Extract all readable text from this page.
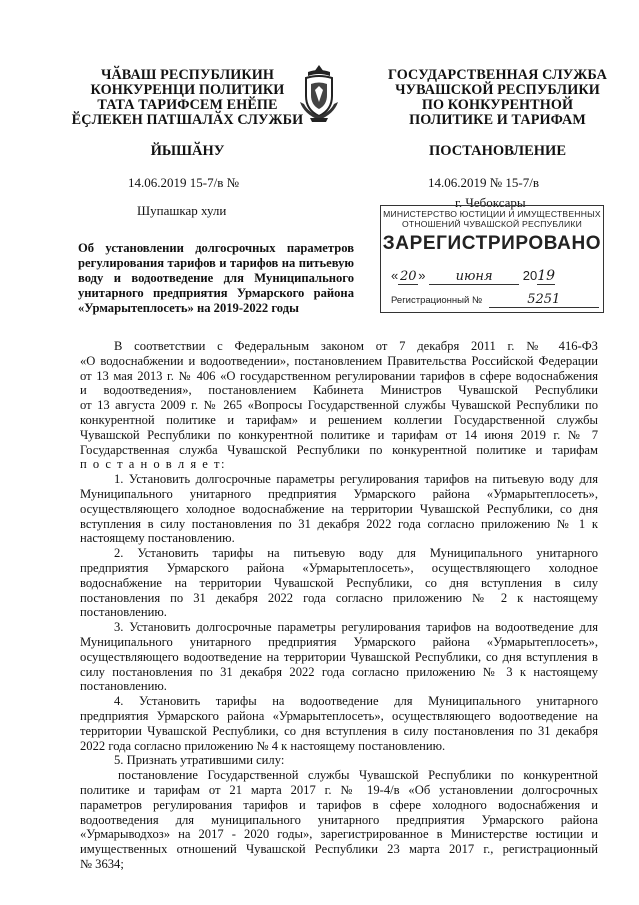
ЧӐВАШ РЕСПУБЛИКИН
КОНКУРЕНЦИ ПОЛИТИКИ
ТАТА ТАРИФСЕМ ЕНӖПЕ
ӖҪЛЕКЕН ПАТШАЛӐХ СЛУЖБИ
ЙЫШӐНУ
14.06.2019 15-7/в №
Шупашкар хули
ГОСУДАРСТВЕННАЯ СЛУЖБА
ЧУВАШСКОЙ РЕСПУБЛИКИ
ПО КОНКУРЕНТНОЙ
ПОЛИТИКЕ И ТАРИФАМ
ПОСТАНОВЛЕНИЕ
14.06.2019 № 15-7/в
г. Чебоксары
МИНИСТЕРСТВО ЮСТИЦИИ И ИМУЩЕСТВЕННЫХ
ОТНОШЕНИЙ ЧУВАШСКОЙ РЕСПУБЛИКИ
ЗАРЕГИСТРИРОВАНО
« 20 » июня 2019
Регистрационный №	5251
Об установлении долгосрочных параметров
регулирования тарифов и тарифов на питьевую
воду и водоотведение для Муниципального
унитарного предприятия Урмарского района
«Урмарытеплосеть» на 2019-2022 годы
В соответствии с Федеральным законом от 7 декабря 2011 г. № 416-ФЗ
«О водоснабжении и водоотведении», постановлением Правительства Российской Федерации
от 13 мая 2013 г. № 406 «О государственном регулировании тарифов в сфере водоснабжения
и водоотведения», постановлением Кабинета Министров Чувашской Республики
от 13 августа 2009 г. № 265 «Вопросы Государственной службы Чувашской Республики по
конкурентной политике и тарифам» и решением коллегии Государственной службы
Чувашской Республики по конкурентной политике и тарифам от 14 июня 2019 г. № 7
Государственная служба Чувашской Республики по конкурентной политике и тарифам
п о с т а н о в л я е т:
1. Установить долгосрочные параметры регулирования тарифов на питьевую воду для
Муниципального унитарного предприятия Урмарского района «Урмарытеплосеть»,
осуществляющего холодное водоснабжение на территории Чувашской Республики, со дня
вступления в силу постановления по 31 декабря 2022 года согласно приложению № 1 к
настоящему постановлению.
2. Установить тарифы на питьевую воду для Муниципального унитарного
предприятия Урмарского района «Урмарытеплосеть», осуществляющего холодное
водоснабжение на территории Чувашской Республики, со дня вступления в силу
постановления по 31 декабря 2022 года согласно приложению № 2 к настоящему
постановлению.
3. Установить долгосрочные параметры регулирования тарифов на водоотведение для
Муниципального унитарного предприятия Урмарского района «Урмарытеплосеть»,
осуществляющего водоотведение на территории Чувашской Республики, со дня вступления в
силу постановления по 31 декабря 2022 года согласно приложению № 3 к настоящему
постановлению.
4. Установить тарифы на водоотведение для Муниципального унитарного
предприятия Урмарского района «Урмарытеплосеть», осуществляющего водоотведение на
территории Чувашской Республики, со дня вступления в силу постановления по 31 декабря
2022 года согласно приложению № 4 к настоящему постановлению.
5. Признать утратившими силу:
постановление Государственной службы Чувашской Республики по конкурентной
политике и тарифам от 21 марта 2017 г. № 19-4/в «Об установлении долгосрочных
параметров регулирования тарифов и тарифов в сфере холодного водоснабжения и
водоотведения для муниципального унитарного предприятия Урмарского района
«Урмарыводхоз» на 2017 - 2020 годы», зарегистрированное в Министерстве юстиции и
имущественных отношений Чувашской Республики 23 марта 2017 г., регистрационный
№ 3634;
